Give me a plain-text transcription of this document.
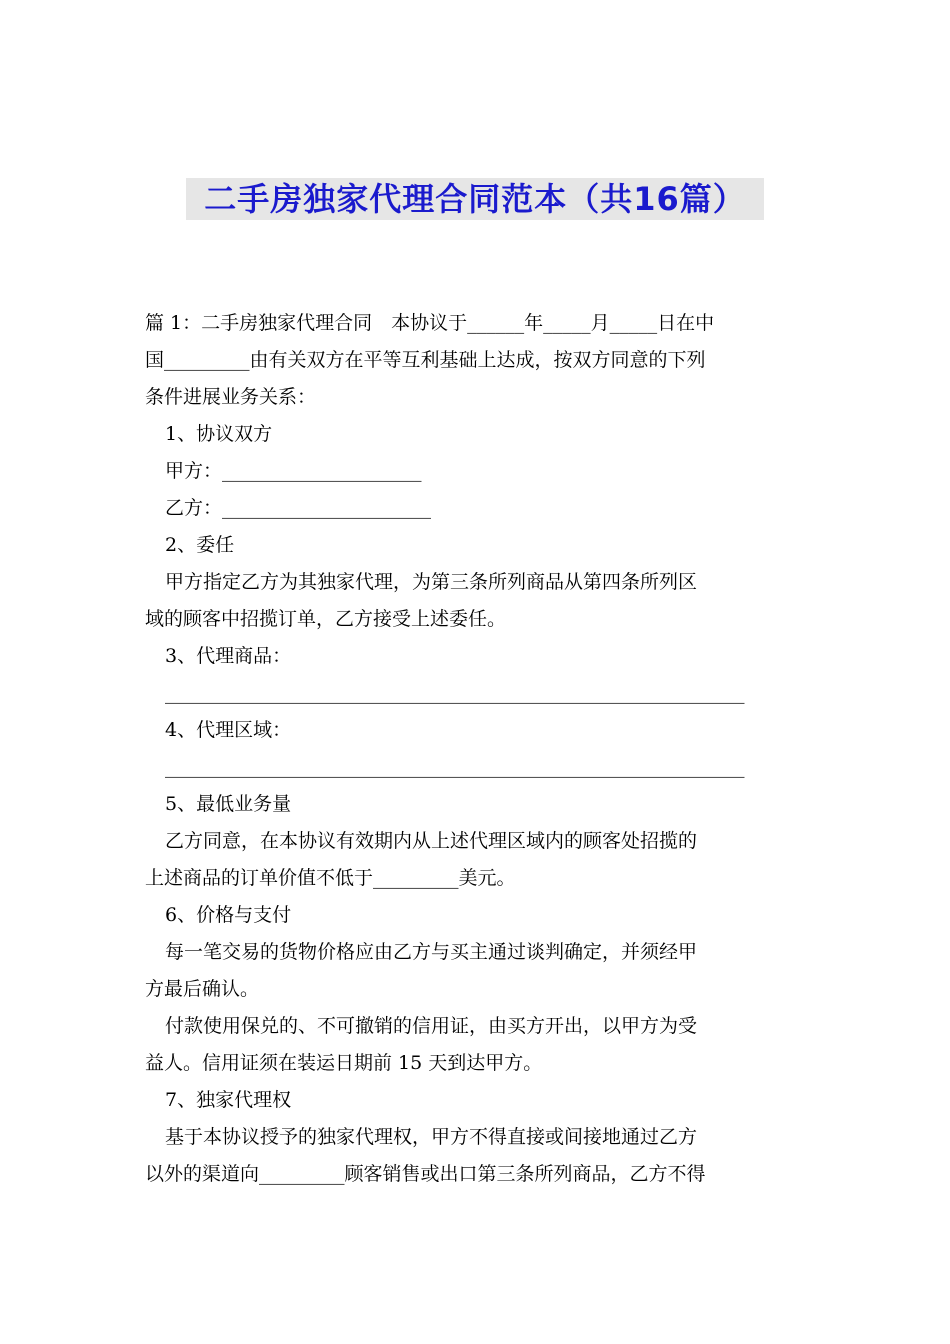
二手房独家代理合同范本（共16篇）

篇 1：二手房独家代理合同　本协议于______年_____月_____日在中

国_________由有关双方在平等互利基础上达成，按双方同意的下列

条件进展业务关系：

1、协议双方

甲方：_____________________

乙方：______________________

2、委任

甲方指定乙方为其独家代理，为第三条所列商品从第四条所列区

域的顾客中招揽订单，乙方接受上述委任。

3、代理商品：

_____________________________________________________________

4、代理区域：

_____________________________________________________________

5、最低业务量

乙方同意，在本协议有效期内从上述代理区域内的顾客处招揽的

上述商品的订单价值不低于_________美元。

6、价格与支付

每一笔交易的货物价格应由乙方与买主通过谈判确定，并须经甲

方最后确认。

付款使用保兑的、不可撤销的信用证，由买方开出，以甲方为受

益人。信用证须在装运日期前 15 天到达甲方。

7、独家代理权

基于本协议授予的独家代理权，甲方不得直接或间接地通过乙方

以外的渠道向_________顾客销售或出口第三条所列商品，乙方不得
